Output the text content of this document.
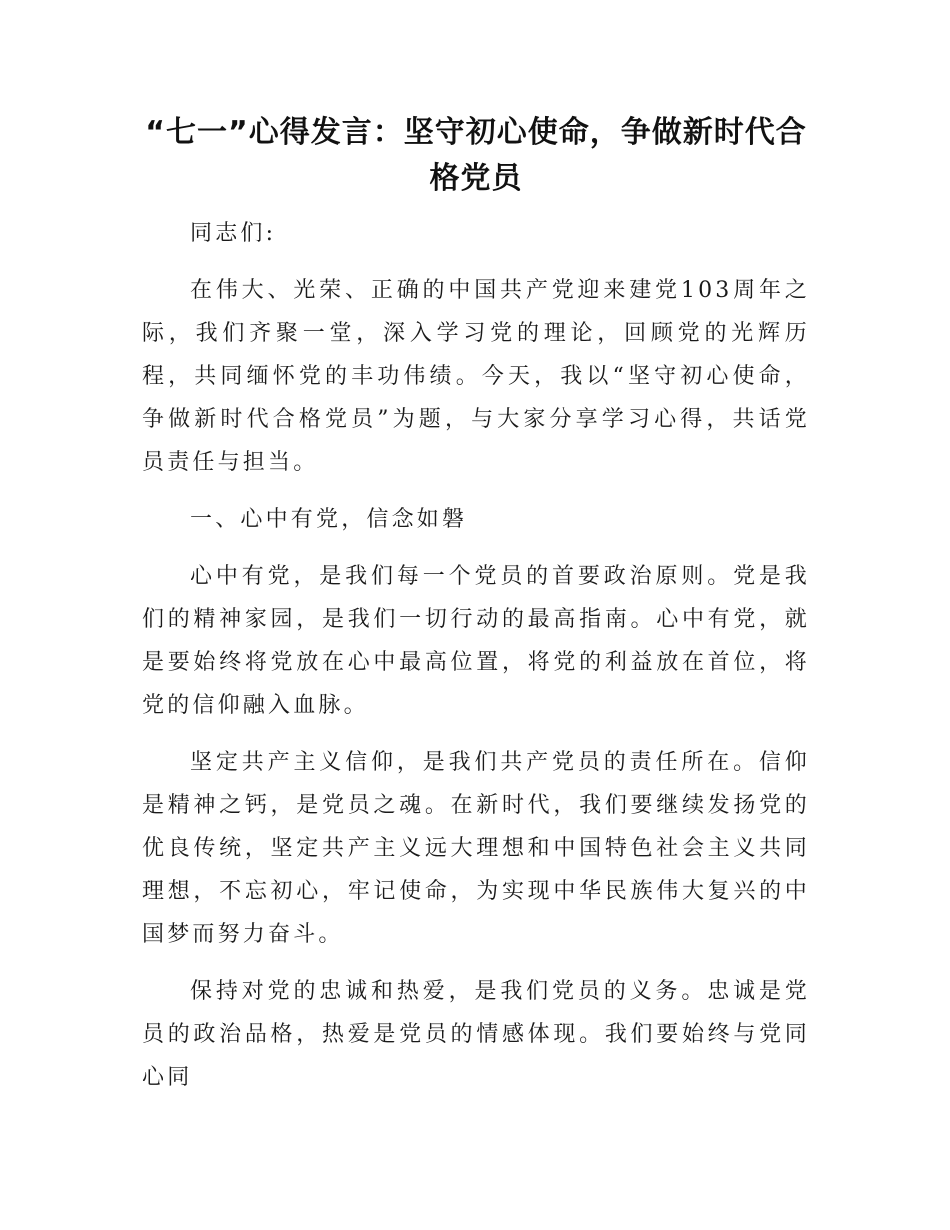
“七一”心得发言：坚守初心使命，争做新时代合格党员

同志们:

在伟大、光荣、正确的中国共产党迎来建党103周年之际，我们齐聚一堂，深入学习党的理论，回顾党的光辉历程，共同缅怀党的丰功伟绩。今天，我以“坚守初心使命，争做新时代合格党员”为题，与大家分享学习心得，共话党员责任与担当。

一、心中有党，信念如磐

心中有党，是我们每一个党员的首要政治原则。党是我们的精神家园，是我们一切行动的最高指南。心中有党，就是要始终将党放在心中最高位置，将党的利益放在首位，将党的信仰融入血脉。

坚定共产主义信仰，是我们共产党员的责任所在。信仰是精神之钙，是党员之魂。在新时代，我们要继续发扬党的优良传统，坚定共产主义远大理想和中国特色社会主义共同理想，不忘初心，牢记使命，为实现中华民族伟大复兴的中国梦而努力奋斗。

保持对党的忠诚和热爱，是我们党员的义务。忠诚是党员的政治品格，热爱是党员的情感体现。我们要始终与党同心同
